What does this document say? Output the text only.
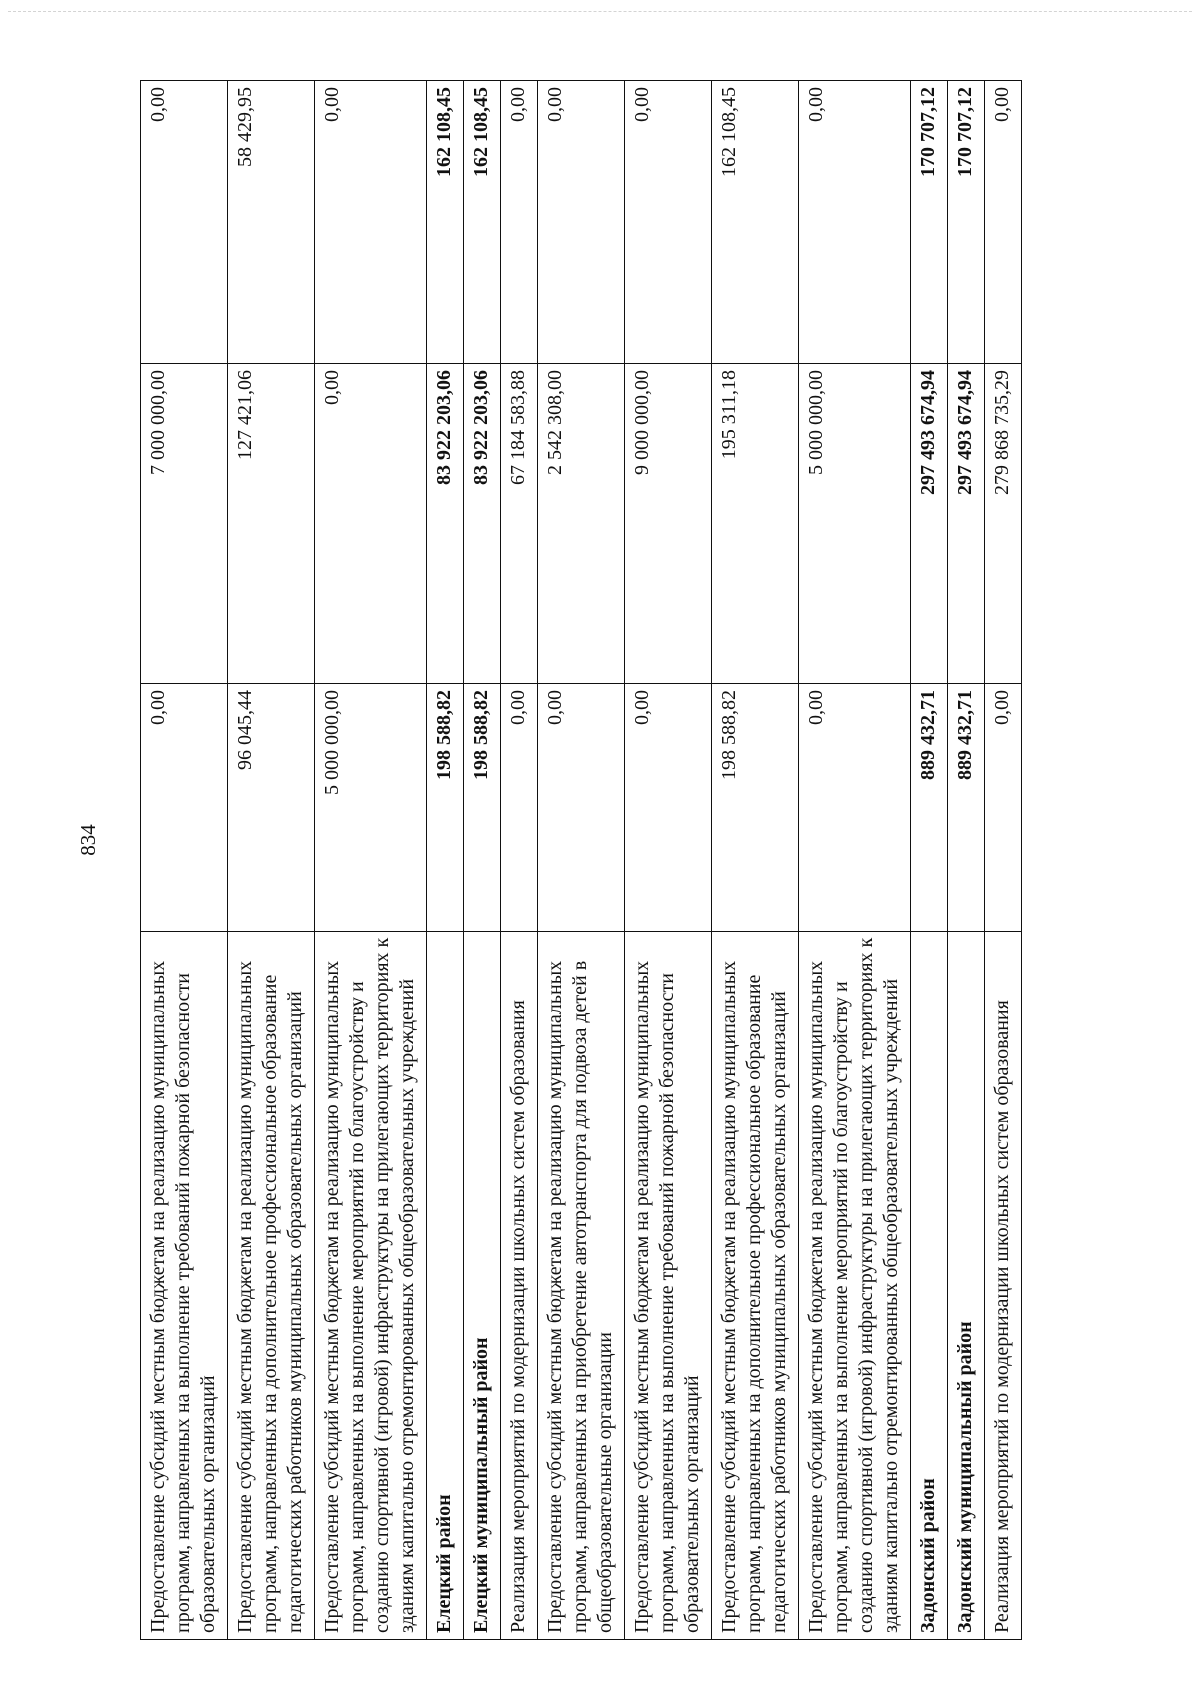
834
Предоставление субсидий местным бюджетам на реализацию муниципальных программ, направленных на выполнение требований пожарной безопасности образовательных организаций	0,00	7 000 000,00	0,00
Предоставление субсидий местным бюджетам на реализацию муниципальных программ, направленных на дополнительное профессиональное образование педагогических работников муниципальных образовательных организаций	96 045,44	127 421,06	58 429,95
Предоставление субсидий местным бюджетам на реализацию муниципальных программ, направленных на выполнение мероприятий по благоустройству и созданию спортивной (игровой) инфраструктуры на прилегающих территориях к зданиям капитально отремонтированных общеобразовательных учреждений	5 000 000,00	0,00	0,00
Елецкий район	198 588,82	83 922 203,06	162 108,45
Елецкий муниципальный район	198 588,82	83 922 203,06	162 108,45
Реализация мероприятий по модернизации школьных систем образования	0,00	67 184 583,88	0,00
Предоставление субсидий местным бюджетам на реализацию муниципальных программ, направленных на приобретение автотранспорта для подвоза детей в общеобразовательные организации	0,00	2 542 308,00	0,00
Предоставление субсидий местным бюджетам на реализацию муниципальных программ, направленных на выполнение требований пожарной безопасности образовательных организаций	0,00	9 000 000,00	0,00
Предоставление субсидий местным бюджетам на реализацию муниципальных программ, направленных на дополнительное профессиональное образование педагогических работников муниципальных образовательных организаций	198 588,82	195 311,18	162 108,45
Предоставление субсидий местным бюджетам на реализацию муниципальных программ, направленных на выполнение мероприятий по благоустройству и созданию спортивной (игровой) инфраструктуры на прилегающих территориях к зданиям капитально отремонтированных общеобразовательных учреждений	0,00	5 000 000,00	0,00
Задонский район	889 432,71	297 493 674,94	170 707,12
Задонский муниципальный район	889 432,71	297 493 674,94	170 707,12
Реализация мероприятий по модернизации школьных систем образования	0,00	279 868 735,29	0,00
